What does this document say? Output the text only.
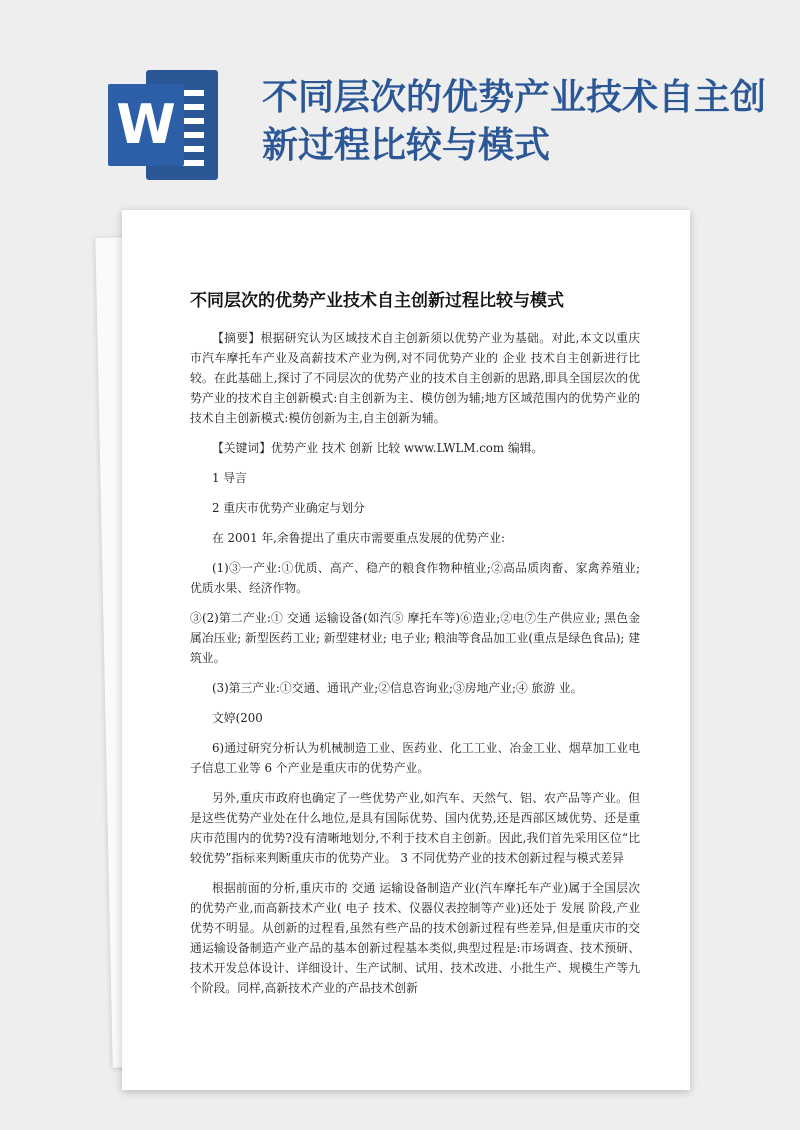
W 不同层次的优势产业技术自主创新过程比较与模式
不同层次的优势产业技术自主创新过程比较与模式

【摘要】根据研究认为区域技术自主创新须以优势产业为基础。对此,本文以重庆市汽车摩托车产业及高薪技术产业为例,对不同优势产业的 企业 技术自主创新进行比较。在此基础上,探讨了不同层次的优势产业的技术自主创新的思路,即具全国层次的优势产业的技术自主创新模式:自主创新为主、模仿创为辅;地方区域范围内的优势产业的技术自主创新模式:模仿创新为主,自主创新为辅。

【关键词】优势产业 技术 创新 比较 www.LWLM.com 编辑。

1 导言

2 重庆市优势产业确定与划分

在 2001 年,余鲁提出了重庆市需要重点发展的优势产业:

(1)③一产业:①优质、高产、稳产的粮食作物种植业;②高品质肉畜、家禽养殖业; 优质水果、经济作物。

③(2)第二产业:① 交通 运输设备(如汽⑤ 摩托车等)⑥造业;②电⑦生产供应业; 黑色金属冶压业; 新型医药工业; 新型建材业; 电子业; 粮油等食品加工业(重点是绿色食品); 建筑业。

(3)第三产业:①交通、通讯产业;②信息咨询业;③房地产业;④ 旅游 业。

文婷(200

6)通过研究分析认为机械制造工业、医药业、化工工业、冶金工业、烟草加工业电子信息工业等 6 个产业是重庆市的优势产业。

另外,重庆市政府也确定了一些优势产业,如汽车、天然气、铝、农产品等产业。但是这些优势产业处在什么地位,是具有国际优势、国内优势,还是西部区域优势、还是重庆市范围内的优势?没有清晰地划分,不利于技术自主创新。因此,我们首先采用区位“比较优势”指标来判断重庆市的优势产业。 3 不同优势产业的技术创新过程与模式差异

根据前面的分析,重庆市的 交通 运输设备制造产业(汽车摩托车产业)属于全国层次的优势产业,而高新技术产业( 电子 技术、仪器仪表控制等产业)还处于 发展 阶段,产业优势不明显。从创新的过程看,虽然有些产品的技术创新过程有些差异,但是重庆市的交通运输设备制造产业产品的基本创新过程基本类似,典型过程是:市场调查、技术预研、技术开发总体设计、详细设计、生产试制、试用、技术改进、小批生产、规模生产等九个阶段。同样,高新技术产业的产品技术创新
